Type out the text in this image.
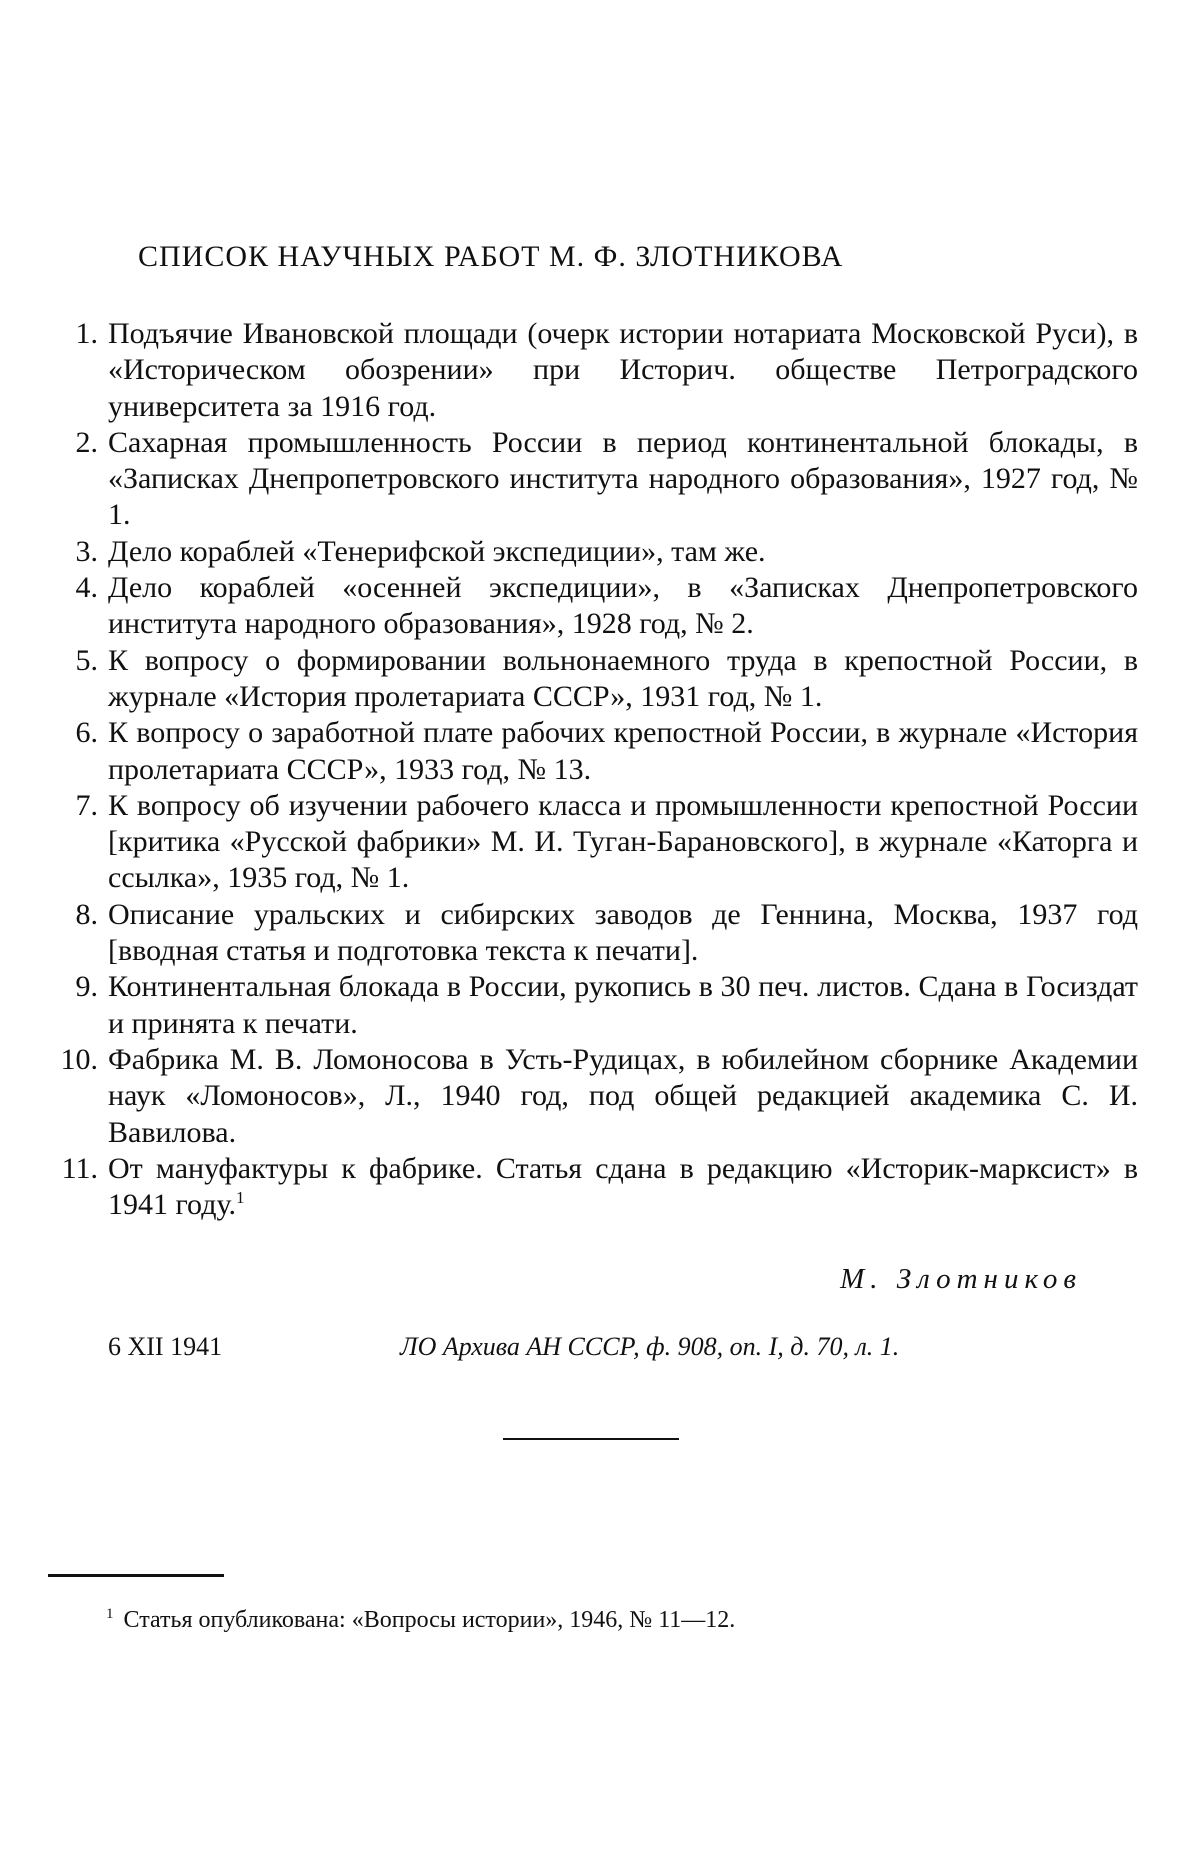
СПИСОК НАУЧНЫХ РАБОТ М. Ф. ЗЛОТНИКОВА
1. Подъячие Ивановской площади (очерк истории нотариата Московской Руси), в «Историческом обозрении» при Историч. обществе Петроградского университета за 1916 год.
2. Сахарная промышленность России в период континентальной блокады, в «Записках Днепропетровского института народного образования», 1927 год, № 1.
3. Дело кораблей «Тенерифской экспедиции», там же.
4. Дело кораблей «осенней экспедиции», в «Записках Днепропетровского института народного образования», 1928 год, № 2.
5. К вопросу о формировании вольнонаемного труда в крепостной России, в журнале «История пролетариата СССР», 1931 год, № 1.
6. К вопросу о заработной плате рабочих крепостной России, в журнале «История пролетариата СССР», 1933 год, № 13.
7. К вопросу об изучении рабочего класса и промышленности крепостной России [критика «Русской фабрики» М. И. Туган-Барановского], в журнале «Каторга и ссылка», 1935 год, № 1.
8. Описание уральских и сибирских заводов де Геннина, Москва, 1937 год [вводная статья и подготовка текста к печати].
9. Континентальная блокада в России, рукопись в 30 печ. листов. Сдана в Госиздат и принята к печати.
10. Фабрика М. В. Ломоносова в Усть-Рудицах, в юбилейном сборнике Академии наук «Ломоносов», Л., 1940 год, под общей редакцией академика С. И. Вавилова.
11. От мануфактуры к фабрике. Статья сдана в редакцию «Историк-марксист» в 1941 году.$^1$
М. Злотников
6 XII 1941	ЛО Архива АН СССР, ф. 908, оп. I, д. 70, л. 1.
$^1$ Статья опубликована: «Вопросы истории», 1946, № 11—12.
